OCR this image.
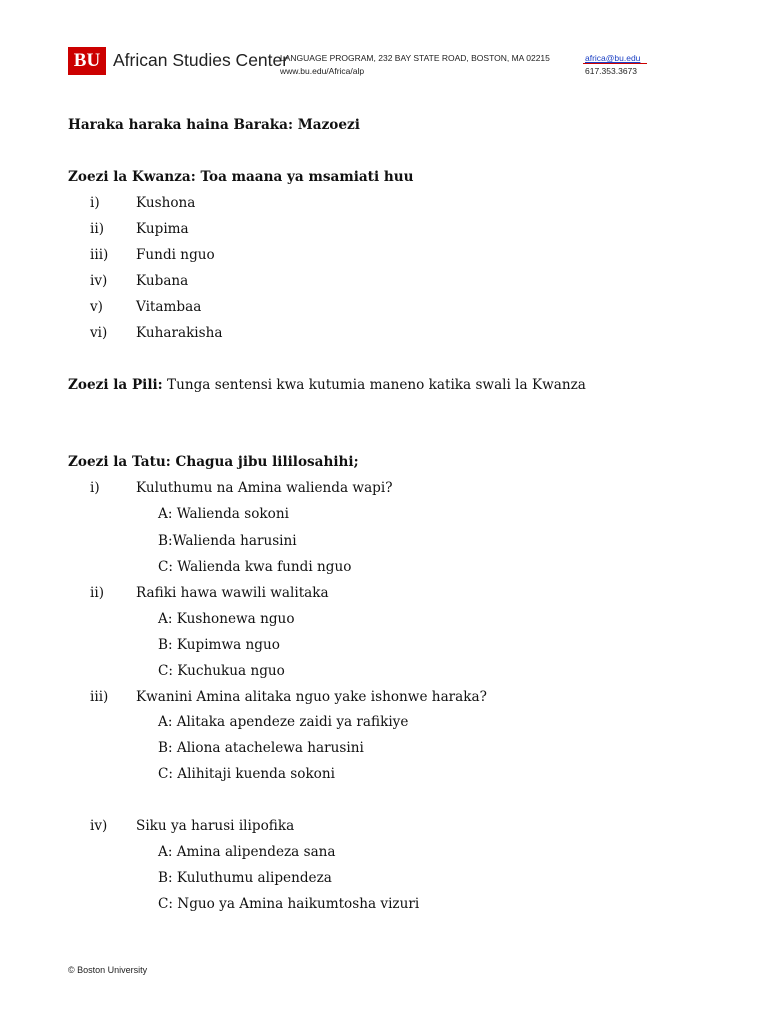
BU African Studies Center
LANGUAGE PROGRAM, 232 BAY STATE ROAD, BOSTON, MA 02215
www.bu.edu/Africa/alp
africa@bu.edu
617.353.3673
Haraka haraka haina Baraka: Mazoezi
Zoezi la Kwanza: Toa maana ya msamiati huu
i)	Kushona
ii) Kupima
iii) Fundi nguo
iv) Kubana
v) Vitambaa
vi) Kuharakisha
Zoezi la Pili: Tunga sentensi kwa kutumia maneno katika swali la Kwanza
Zoezi la Tatu: Chagua jibu lililosahihi;
i)	Kuluthumu na Amina walienda wapi?
A: Walienda sokoni
B:Walienda harusini
C: Walienda kwa fundi nguo
ii) Rafiki hawa wawili walitaka
A: Kushonewa nguo
B: Kupimwa nguo
C: Kuchukua nguo
iii) Kwanini Amina alitaka nguo yake ishonwe haraka?
A: Alitaka apendeze zaidi ya rafikiye
B: Aliona atachelewa harusini
C: Alihitaji kuenda sokoni
iv) Siku ya harusi ilipofika
A: Amina alipendeza sana
B: Kuluthumu alipendeza
C: Nguo ya Amina haikumtosha vizuri
© Boston University
